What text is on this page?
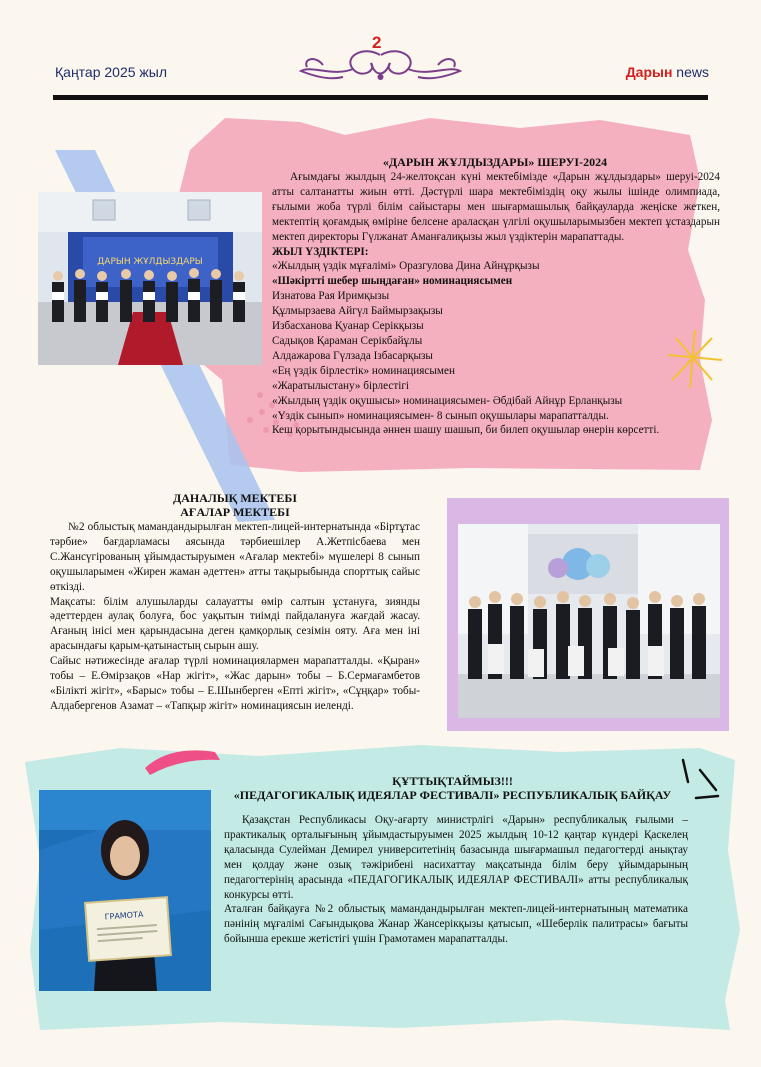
Қаңтар 2025 жыл
2
Дарын news
ДАРЫН ЖҰЛДЫЗДАРЫ
«ДАРЫН ЖҰЛДЫЗДАРЫ» ШЕРУІ-2024

Ағымдағы жылдың 24-желтоқсан күні мектебімізде «Дарын жұлдыздары» шеруі-2024 атты салтанатты жиын өтті. Дәстүрлі шара мектебіміздің оқу жылы ішінде олимпиада, ғылыми жоба түрлі білім сайыстары мен шығармашылық байқауларда жеңіске жеткен, мектептің қоғамдық өміріне белсене араласқан үлгілі оқушыларымызбен мектеп ұстаздарын мектеп директоры Гүлжанат Аманғалиқызы жыл үздіктерін марапаттады.

ЖЫЛ ҮЗДІКТЕРІ:

«Жылдың үздік мұғалімі» Оразгулова Дина Айнұрқызы

«Шәкіртті шебер шыңдаған» номинациясымен

Изнатова Рая Иримқызы

Құлмырзаева Айгүл Баймырзақызы

Избасханова Қуанар Серікқызы

Садықов Қараман Серікбайұлы

Алдажарова Гүлзада Ізбасарқызы

«Ең үздік бірлестік» номинациясымен

«Жаратылыстану» бірлестігі

«Жылдың үздік оқушысы» номинациясымен- Әбдібай Айнұр Ерланқызы

«Үздік сынып» номинациясымен- 8 сынып оқушылары марапатталды.

Кеш қорытындысында әннен шашу шашып, би билеп оқушылар өнерін көрсетті.

ДАНАЛЫҚ МЕКТЕБІ
АҒАЛАР МЕКТЕБІ

№2 облыстық мамандандырылған мектеп-лицей-интернатында «Біртұтас тәрбие» бағдарламасы аясында тәрбиешілер А.Жетпісбаева мен С.Жансүгірованың ұйымдастыруымен «Ағалар мектебі» мүшелері 8 сынып оқушыларымен «Жирен жаман әдеттен» атты тақырыбында спорттық сайыс өткізді.

Мақсаты: білім алушыларды салауатты өмір салтын ұстануға, зиянды әдеттерден аулақ болуға, бос уақытын тиімді пайдалануға жағдай жасау. Ағаның інісі мен қарындасына деген қамқорлық сезімін ояту. Аға мен іні арасындағы қарым-қатынастың сырын ашу.

Сайыс нәтижесінде ағалар түрлі номинациялармен марапатталды. «Қыран» тобы – Е.Өмірзақов «Нар жігіт», «Жас дарын» тобы – Б.Сермағамбетов «Білікті жігіт», «Барыс» тобы – Е.Шынберген «Епті жігіт», «Сұңқар» тобы- Алдабергенов Азамат – «Тапқыр жігіт» номинациясын иеленді.

ҚҰТТЫҚТАЙМЫЗ!!!
«ПЕДАГОГИКАЛЫҚ ИДЕЯЛАР ФЕСТИВАЛІ» РЕСПУБЛИКАЛЫҚ БАЙҚАУ

Қазақстан Республикасы Оқу-ағарту министрлігі «Дарын» республикалық ғылыми –практикалық орталығының ұйымдастыруымен 2025 жылдың 10-12 қаңтар күндері Қаскелең қаласында Сулейман Демирел университетінің базасында шығармашыл педагогтерді анықтау мен қолдау және озық тәжірибені насихаттау мақсатында білім беру ұйымдарының педагогтерінің арасында «ПЕДАГОГИКАЛЫҚ ИДЕЯЛАР ФЕСТИВАЛІ» атты республикалық конкурсы өтті.

Аталған байқауға №2 облыстық мамандандырылған мектеп-лицей-интернатының математика пәнінің мұғалімі Сағындықова Жанар Жансерікқызы қатысып, «Шеберлік палитрасы» бағыты бойынша ерекше жетістігі үшін Грамотамен марапатталды.

ГРАМОТА
